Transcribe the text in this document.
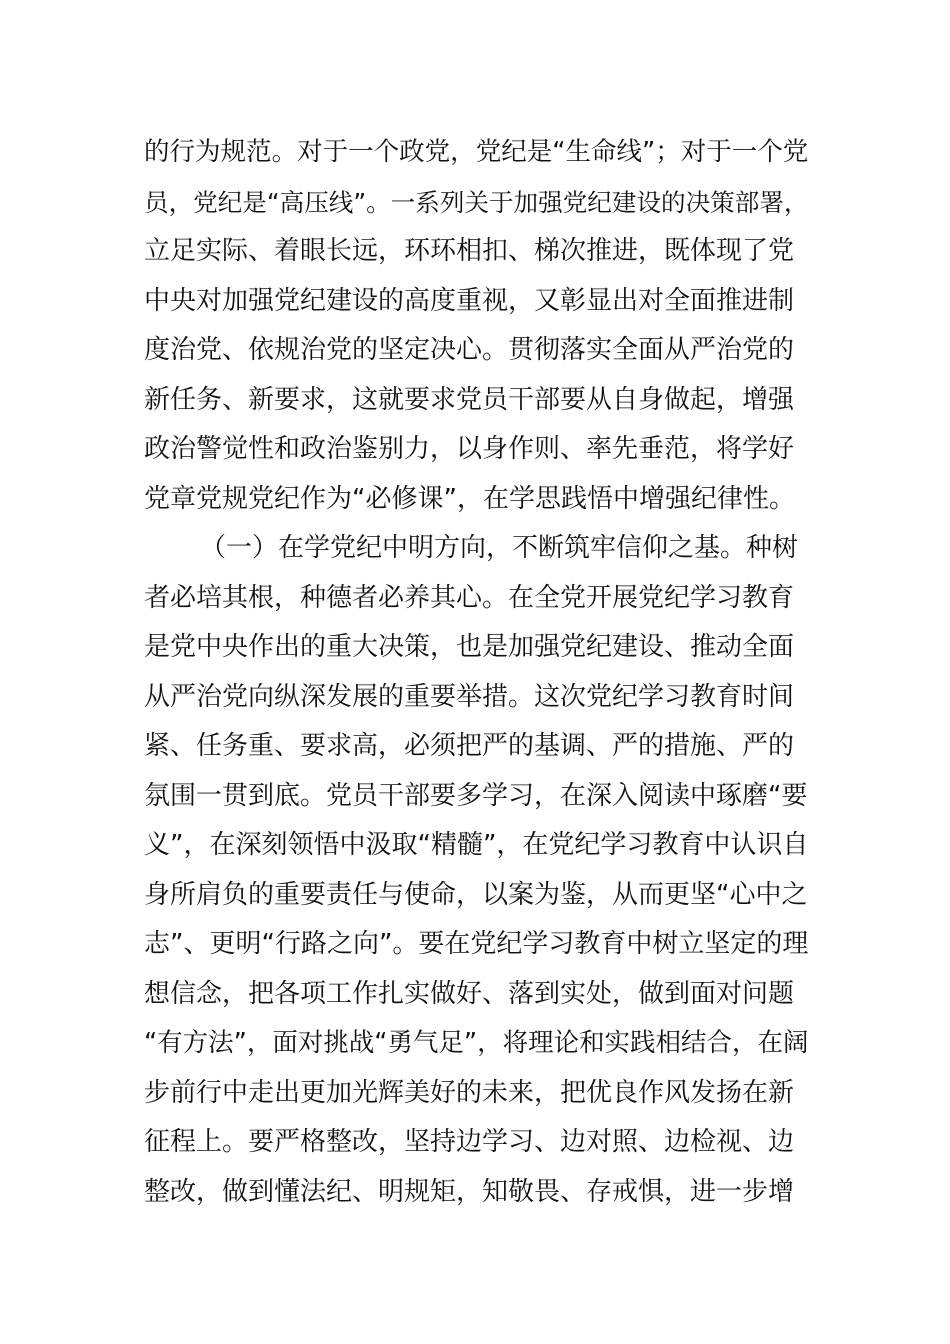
的行为规范。对于一个政党，党纪是“生命线”；对于一个党
员，党纪是“高压线”。一系列关于加强党纪建设的决策部署，
立足实际、着眼长远，环环相扣、梯次推进，既体现了党
中央对加强党纪建设的高度重视，又彰显出对全面推进制
度治党、依规治党的坚定决心。贯彻落实全面从严治党的
新任务、新要求，这就要求党员干部要从自身做起，增强
政治警觉性和政治鉴别力，以身作则、率先垂范，将学好
党章党规党纪作为“必修课”，在学思践悟中增强纪律性。
（一）在学党纪中明方向，不断筑牢信仰之基。种树
者必培其根，种德者必养其心。在全党开展党纪学习教育
是党中央作出的重大决策，也是加强党纪建设、推动全面
从严治党向纵深发展的重要举措。这次党纪学习教育时间
紧、任务重、要求高，必须把严的基调、严的措施、严的
氛围一贯到底。党员干部要多学习，在深入阅读中琢磨“要
义”，在深刻领悟中汲取“精髓”，在党纪学习教育中认识自
身所肩负的重要责任与使命，以案为鉴，从而更坚“心中之
志”、更明“行路之向”。要在党纪学习教育中树立坚定的理
想信念，把各项工作扎实做好、落到实处，做到面对问题
“有方法”，面对挑战“勇气足”，将理论和实践相结合，在阔
步前行中走出更加光辉美好的未来，把优良作风发扬在新
征程上。要严格整改，坚持边学习、边对照、边检视、边
整改，做到懂法纪、明规矩，知敬畏、存戒惧，进一步增
